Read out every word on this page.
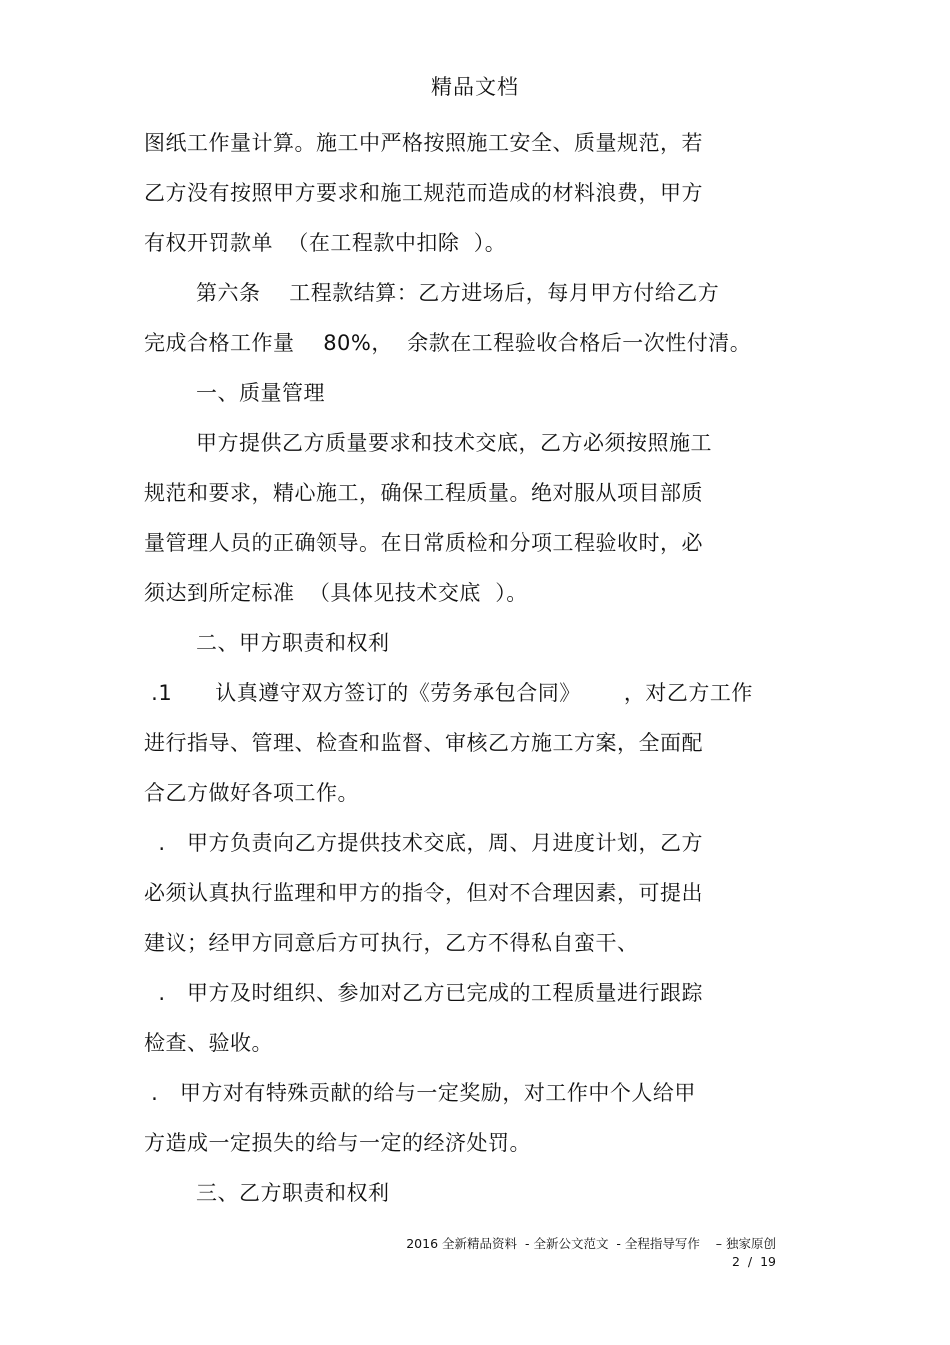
精品文档
图纸工作量计算。施工中严格按照施工安全、质量规范，若
乙方没有按照甲方要求和施工规范而造成的材料浪费，甲方
有权开罚款单  （在工程款中扣除  ）。
第六条    工程款结算：乙方进场后，每月甲方付给乙方
完成合格工作量    80%，  余款在工程验收合格后一次性付清。
一、质量管理
甲方提供乙方质量要求和技术交底，乙方必须按照施工
规范和要求，精心施工，确保工程质量。绝对服从项目部质
量管理人员的正确领导。在日常质检和分项工程验收时，必
须达到所定标准  （具体见技术交底  ）。
二、甲方职责和权利
.1      认真遵守双方签订的《劳务承包合同》      ，对乙方工作
进行指导、管理、检查和监督、审核乙方施工方案，全面配
合乙方做好各项工作。
.   甲方负责向乙方提供技术交底，周、月进度计划，乙方
必须认真执行监理和甲方的指令，但对不合理因素，可提出
建议；经甲方同意后方可执行，乙方不得私自蛮干、
.   甲方及时组织、参加对乙方已完成的工程质量进行跟踪
检查、验收。
.   甲方对有特殊贡献的给与一定奖励，对工作中个人给甲
方造成一定损失的给与一定的经济处罚。
三、乙方职责和权利
2016 全新精品资料  - 全新公文范文  - 全程指导写作    – 独家原创
2  /  19
